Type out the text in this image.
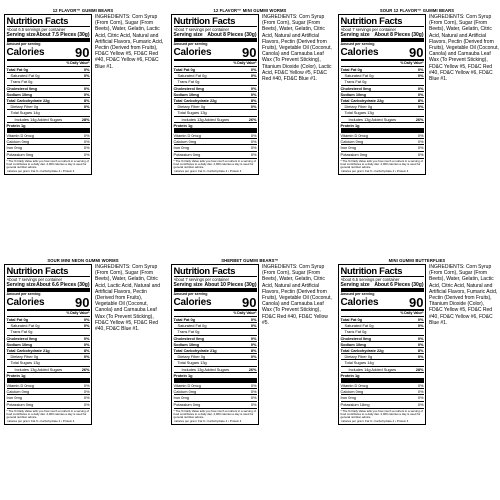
12 FLAVOR™ GUMMI BEARS
Nutrition Facts
About 6.5 servings per container
Serving size About 7.5 Pieces (30g)
Amount per serving
Calories 90
% Daily Value*
Total Fat 0g	0%
Saturated Fat 0g	0%
Trans Fat 0g
Cholesterol 0mg	0%
Sodium 10mg	0%
Total Carbohydrate 22g	8%
Dietary Fiber 0g	0%
Total Sugars 14g
Includes 14g Added Sugars	28%
Protein 1g
Vitamin D 0mcg	0%
Calcium 0mg	0%
Iron 0mg	0%
Potassium 0mg	0%
* The % Daily Value tells you how much a nutrient in a serving of food contributes to a daily diet. 2,000 calories a day is used for general nutrition advice.
Calories per gram: Fat 9 • Carbohydrate 4 • Protein 4
INGREDIENTS: Corn Syrup (From Corn), Sugar (From Beets), Water, Gelatin, Lactic Acid, Citric Acid, Natural and Artificial Flavors, Fumaric Acid, Pectin (Derived from Fruits), FD&C Yellow #5, FD&C Red #40, FD&C Yellow #6, FD&C Blue #1.
12 FLAVOR™ MINI GUMMI WORMS
Nutrition Facts
About 7 servings per container
Serving size About 8 Pieces (30g)
Amount per serving
Calories 90
% Daily Value*
Total Fat 0g	0%
Saturated Fat 0g	0%
Trans Fat 0g
Cholesterol 0mg	0%
Sodium 10mg	0%
Total Carbohydrate 22g	8%
Dietary Fiber 0g	0%
Total Sugars 13g
Includes 13g Added Sugars	26%
Protein 1g
Vitamin D 0mcg	0%
Calcium 0mg	0%
Iron 0mg	0%
Potassium 0mg	0%
* The % Daily Value tells you how much a nutrient in a serving of food contributes to a daily diet. 2,000 calories a day is used for general nutrition advice.
Calories per gram: Fat 9 • Carbohydrate 4 • Protein 4
INGREDIENTS: Corn Syrup (From Corn), Sugar (From Beets), Water, Gelatin, Citric Acid, Natural and Artificial Flavors, Pectin (Derived from Fruits), Vegetable Oil (Coconut, Canola) and Carnauba Leaf Wax (To Prevent Sticking), Titanium Dioxide (Color), Lactic Acid, FD&C Yellow #5, FD&C Red #40, FD&C Blue #1.
SOUR 12 FLAVOR™ GUMMI BEARS
Nutrition Facts
About 7 servings per container
Serving size About 8 Pieces (30g)
Amount per serving
Calories 90
% Daily Value*
Total Fat 0g	0%
Saturated Fat 0g	0%
Trans Fat 0g
Cholesterol 0mg	0%
Sodium 10mg	0%
Total Carbohydrate 22g	8%
Dietary Fiber 0g	0%
Total Sugars 13g
Includes 13g Added Sugars	26%
Protein 1g
Vitamin D 0mcg	0%
Calcium 0mg	0%
Iron 0mg	0%
Potassium 0mg	0%
* The % Daily Value tells you how much a nutrient in a serving of food contributes to a daily diet. 2,000 calories a day is used for general nutrition advice.
Calories per gram: Fat 9 • Carbohydrate 4 • Protein 4
INGREDIENTS: Corn Syrup (From Corn), Sugar (From Beets), Water, Gelatin, Citric Acid, Natural and Artificial Flavors, Pectin (Derived from Fruits), Vegetable Oil (Coconut, Canola) and Carnauba Leaf Wax (To Prevent Sticking), FD&C Yellow #5, FD&C Red #40, FD&C Yellow #6, FD&C Blue #1.
SOUR MINI NEON GUMMI WORMS
Nutrition Facts
About 7 servings per container
Serving size About 6.6 Pieces (30g)
Amount per serving
Calories 90
% Daily Value*
Total Fat 0g	0%
Saturated Fat 0g	0%
Trans Fat 0g
Cholesterol 0mg	0%
Sodium 10mg	0%
Total Carbohydrate 21g	8%
Dietary Fiber 0g	0%
Total Sugars 13g
Includes 13g Added Sugars	26%
Protein 1g
Vitamin D 0mcg	0%
Calcium 0mg	0%
Iron 0mg	0%
Potassium 0mg	0%
* The % Daily Value tells you how much a nutrient in a serving of food contributes to a daily diet. 2,000 calories a day is used for general nutrition advice.
Calories per gram: Fat 9 • Carbohydrate 4 • Protein 4
INGREDIENTS: Corn Syrup (From Corn), Sugar (From Beets), Water, Gelatin, Citric Acid, Lactic Acid, Natural and Artificial Flavors, Pectin (Derived from Fruits), Vegetable Oil (Coconut, Canola) and Carnauba Leaf Wax (To Prevent Sticking), FD&C Yellow #5, FD&C Red #40, FD&C Blue #1.
SHERBET GUMMI BEARS™
Nutrition Facts
About 7 servings per container
Serving size About 10 Pieces (30g)
Amount per serving
Calories 90
% Daily Value*
Total Fat 0g	0%
Saturated Fat 0g	0%
Trans Fat 0g
Cholesterol 0mg	0%
Sodium 10mg	0%
Total Carbohydrate 21g	8%
Dietary Fiber 0g	0%
Total Sugars 13g
Includes 13g Added Sugars	26%
Protein 1g
Vitamin D 0mcg	0%
Calcium 0mg	0%
Iron 0mg	0%
Potassium 0mg	0%
* The % Daily Value tells you how much a nutrient in a serving of food contributes to a daily diet. 2,000 calories a day is used for general nutrition advice.
Calories per gram: Fat 9 • Carbohydrate 4 • Protein 4
INGREDIENTS: Corn Syrup (From Corn), Sugar (From Beets), Water, Gelatin, Citric Acid, Natural and Artificial Flavors, Pectin (Derived from Fruits), Vegetable Oil (Coconut, Canola) and Carnauba Leaf Wax (To Prevent Sticking), FD&C Red #40, FD&C Yellow #5.
MINI GUMMI BUTTERFLIES
Nutrition Facts
About 6.5 servings per container
Serving size About 6 Pieces (30g)
Amount per serving
Calories 90
% Daily Value*
Total Fat 0g	0%
Saturated Fat 0g	0%
Trans Fat 0g
Cholesterol 0mg	0%
Sodium 10mg	0%
Total Carbohydrate 22g	8%
Dietary Fiber 0g	0%
Total Sugars 14g
Includes 14g Added Sugars	28%
Protein 1g
Vitamin D 0mcg	0%
Calcium 0mg	0%
Iron 0mg	0%
Potassium 18mg	0%
* The % Daily Value tells you how much a nutrient in a serving of food contributes to a daily diet. 2,000 calories a day is used for general nutrition advice.
Calories per gram: Fat 9 • Carbohydrate 4 • Protein 4
INGREDIENTS: Corn Syrup (From Corn), Sugar (From Beets), Water, Gelatin, Lactic Acid, Citric Acid, Natural and Artificial Flavors, Fumaric Acid, Pectin (Derived from Fruits), Titanium Dioxide (Color), FD&C Yellow #5, FD&C Red #40, FD&C Yellow #6, FD&C Blue #1.
